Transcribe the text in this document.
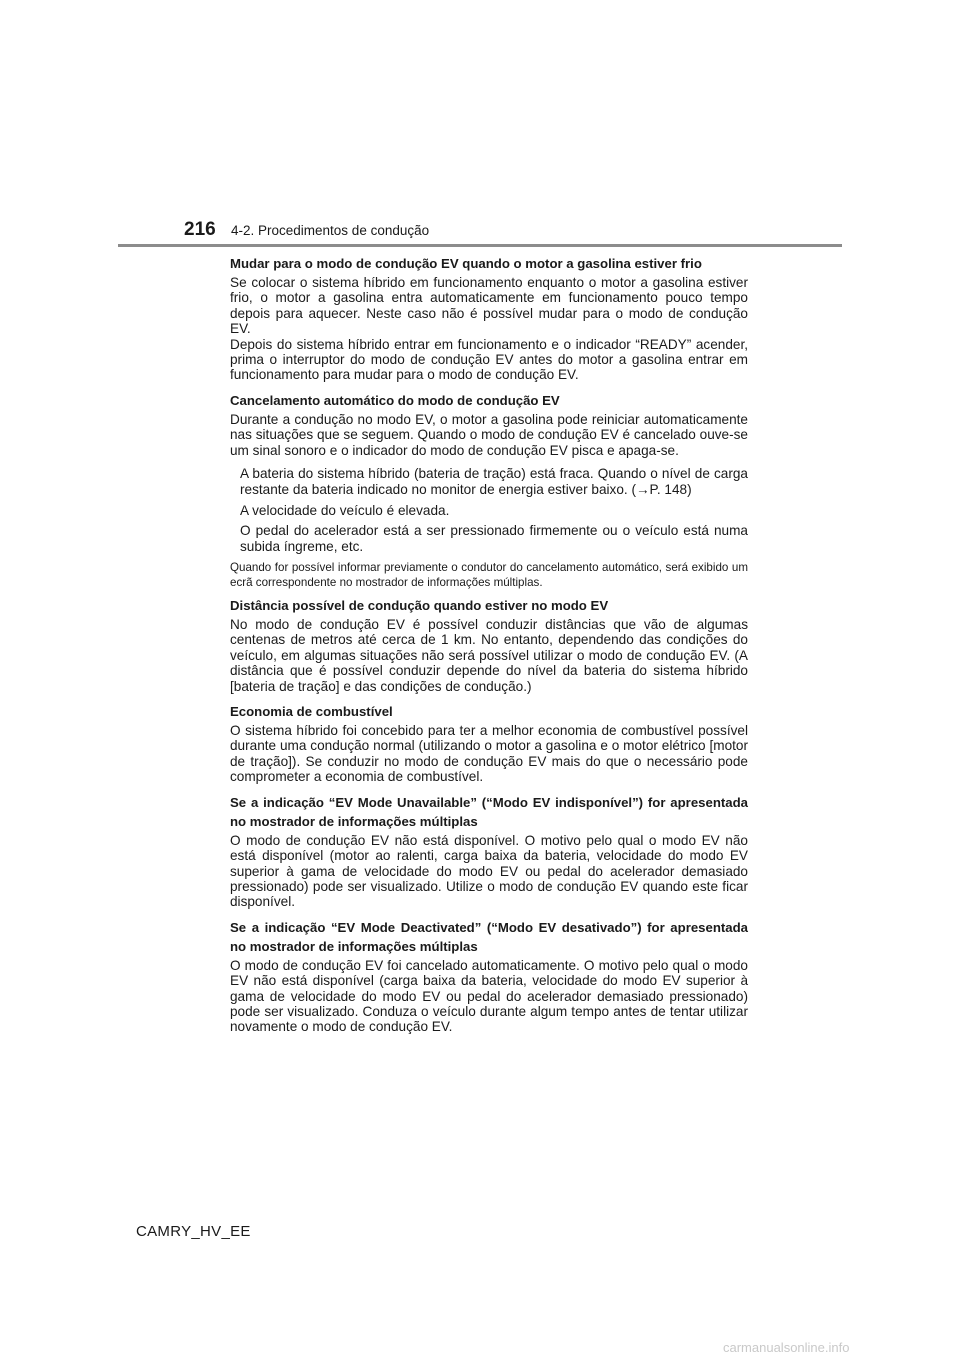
216 4-2. Procedimentos de condução
Mudar para o modo de condução EV quando o motor a gasolina estiver frio
Se colocar o sistema híbrido em funcionamento enquanto o motor a gasolina estiver frio, o motor a gasolina entra automaticamente em funcionamento pouco tempo depois para aquecer. Neste caso não é possível mudar para o modo de condução EV.
Depois do sistema híbrido entrar em funcionamento e o indicador “READY” acender, prima o interruptor do modo de condução EV antes do motor a gasolina entrar em funcionamento para mudar para o modo de condução EV.
Cancelamento automático do modo de condução EV
Durante a condução no modo EV, o motor a gasolina pode reiniciar automaticamente nas situações que se seguem. Quando o modo de condução EV é cancelado ouve-se um sinal sonoro e o indicador do modo de condução EV pisca e apaga-se.
A bateria do sistema híbrido (bateria de tração) está fraca. Quando o nível de carga restante da bateria indicado no monitor de energia estiver baixo. (→P. 148)
A velocidade do veículo é elevada.
O pedal do acelerador está a ser pressionado firmemente ou o veículo está numa subida íngreme, etc.
Quando for possível informar previamente o condutor do cancelamento automático, será exibido um ecrã correspondente no mostrador de informações múltiplas.
Distância possível de condução quando estiver no modo EV
No modo de condução EV é possível conduzir distâncias que vão de algumas centenas de metros até cerca de 1 km. No entanto, dependendo das condições do veículo, em algumas situações não será possível utilizar o modo de condução EV. (A distância que é possível conduzir depende do nível da bateria do sistema híbrido [bateria de tração] e das condições de condução.)
Economia de combustível
O sistema híbrido foi concebido para ter a melhor economia de combustível possível durante uma condução normal (utilizando o motor a gasolina e o motor elétrico [motor de tração]). Se conduzir no modo de condução EV mais do que o necessário pode comprometer a economia de combustível.
Se a indicação “EV Mode Unavailable” (“Modo EV indisponível”) for apresentada no mostrador de informações múltiplas
O modo de condução EV não está disponível. O motivo pelo qual o modo EV não está disponível (motor ao ralenti, carga baixa da bateria, velocidade do modo EV superior à gama de velocidade do modo EV ou pedal do acelerador demasiado pressionado) pode ser visualizado. Utilize o modo de condução EV quando este ficar disponível.
Se a indicação “EV Mode Deactivated” (“Modo EV desativado”) for apresentada no mostrador de informações múltiplas
O modo de condução EV foi cancelado automaticamente. O motivo pelo qual o modo EV não está disponível (carga baixa da bateria, velocidade do modo EV superior à gama de velocidade do modo EV ou pedal do acelerador demasiado pressionado) pode ser visualizado. Conduza o veículo durante algum tempo antes de tentar utilizar novamente o modo de condução EV.
CAMRY_HV_EE
carmanualsonline.info
